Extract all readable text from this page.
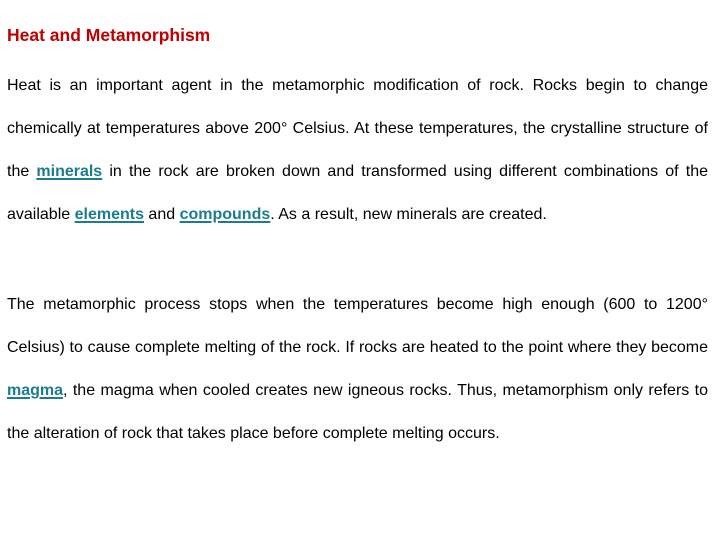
Heat and Metamorphism

Heat is an important agent in the metamorphic modification of rock. Rocks begin to change chemically at temperatures above 200° Celsius. At these temperatures, the crystalline structure of the minerals in the rock are broken down and transformed using different combinations of the available elements and compounds. As a result, new minerals are created.

The metamorphic process stops when the temperatures become high enough (600 to 1200° Celsius) to cause complete melting of the rock. If rocks are heated to the point where they become magma, the magma when cooled creates new igneous rocks. Thus, metamorphism only refers to the alteration of rock that takes place before complete melting occurs.
